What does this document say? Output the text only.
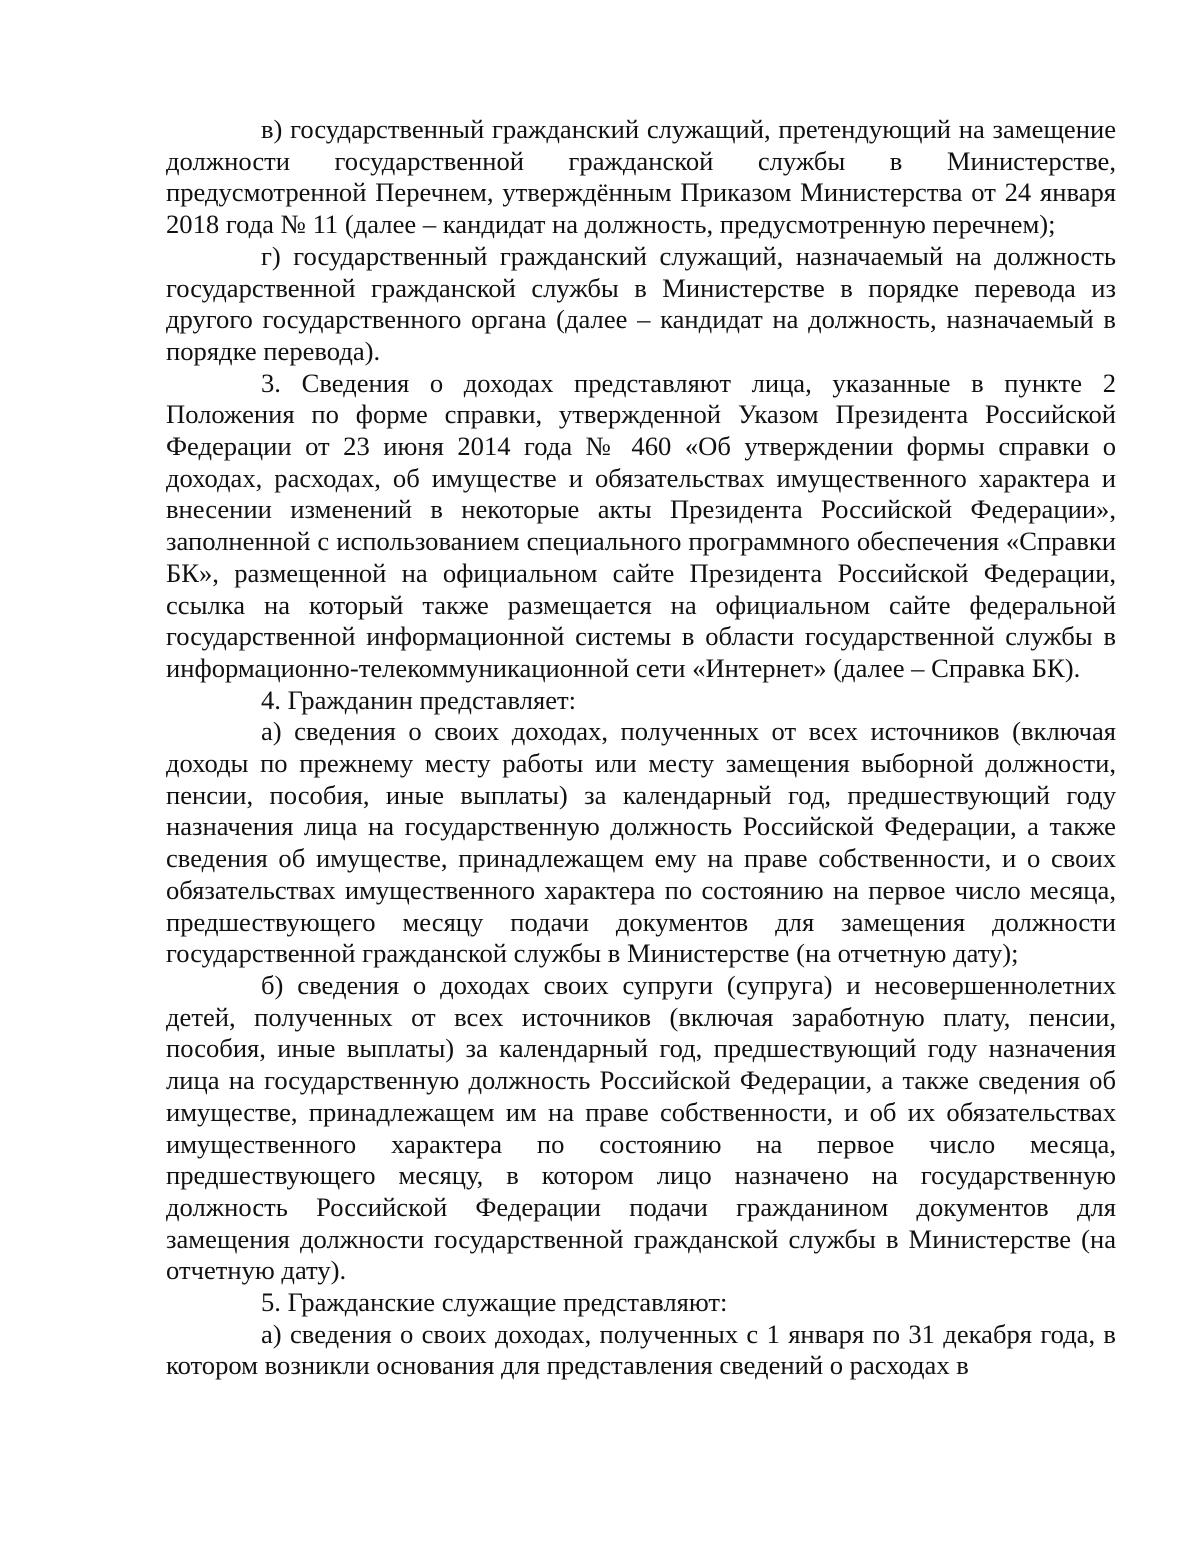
в) государственный гражданский служащий, претендующий на замещение должности государственной гражданской службы в Министерстве, предусмотренной Перечнем, утверждённым Приказом Министерства от 24 января 2018 года № 11 (далее – кандидат на должность, предусмотренную перечнем);

г) государственный гражданский служащий, назначаемый на должность государственной гражданской службы в Министерстве в порядке перевода из другого государственного органа (далее – кандидат на должность, назначаемый в порядке перевода).

3. Сведения о доходах представляют лица, указанные в пункте 2 Положения по форме справки, утвержденной Указом Президента Российской Федерации от 23 июня 2014 года № 460 «Об утверждении формы справки о доходах, расходах, об имуществе и обязательствах имущественного характера и внесении изменений в некоторые акты Президента Российской Федерации», заполненной с использованием специального программного обеспечения «Справки БК», размещенной на официальном сайте Президента Российской Федерации, ссылка на который также размещается на официальном сайте федеральной государственной информационной системы в области государственной службы в информационно-телекоммуникационной сети «Интернет» (далее – Справка БК).

4. Гражданин представляет:

а) сведения о своих доходах, полученных от всех источников (включая доходы по прежнему месту работы или месту замещения выборной должности, пенсии, пособия, иные выплаты) за календарный год, предшествующий году назначения лица на государственную должность Российской Федерации, а также сведения об имуществе, принадлежащем ему на праве собственности, и о своих обязательствах имущественного характера по состоянию на первое число месяца, предшествующего месяцу подачи документов для замещения должности государственной гражданской службы в Министерстве (на отчетную дату);

б) сведения о доходах своих супруги (супруга) и несовершеннолетних детей, полученных от всех источников (включая заработную плату, пенсии, пособия, иные выплаты) за календарный год, предшествующий году назначения лица на государственную должность Российской Федерации, а также сведения об имуществе, принадлежащем им на праве собственности, и об их обязательствах имущественного характера по состоянию на первое число месяца, предшествующего месяцу, в котором лицо назначено на государственную должность Российской Федерации подачи гражданином документов для замещения должности государственной гражданской службы в Министерстве (на отчетную дату).

5. Гражданские служащие представляют:

а) сведения о своих доходах, полученных с 1 января по 31 декабря года, в котором возникли основания для представления сведений о расходах в
